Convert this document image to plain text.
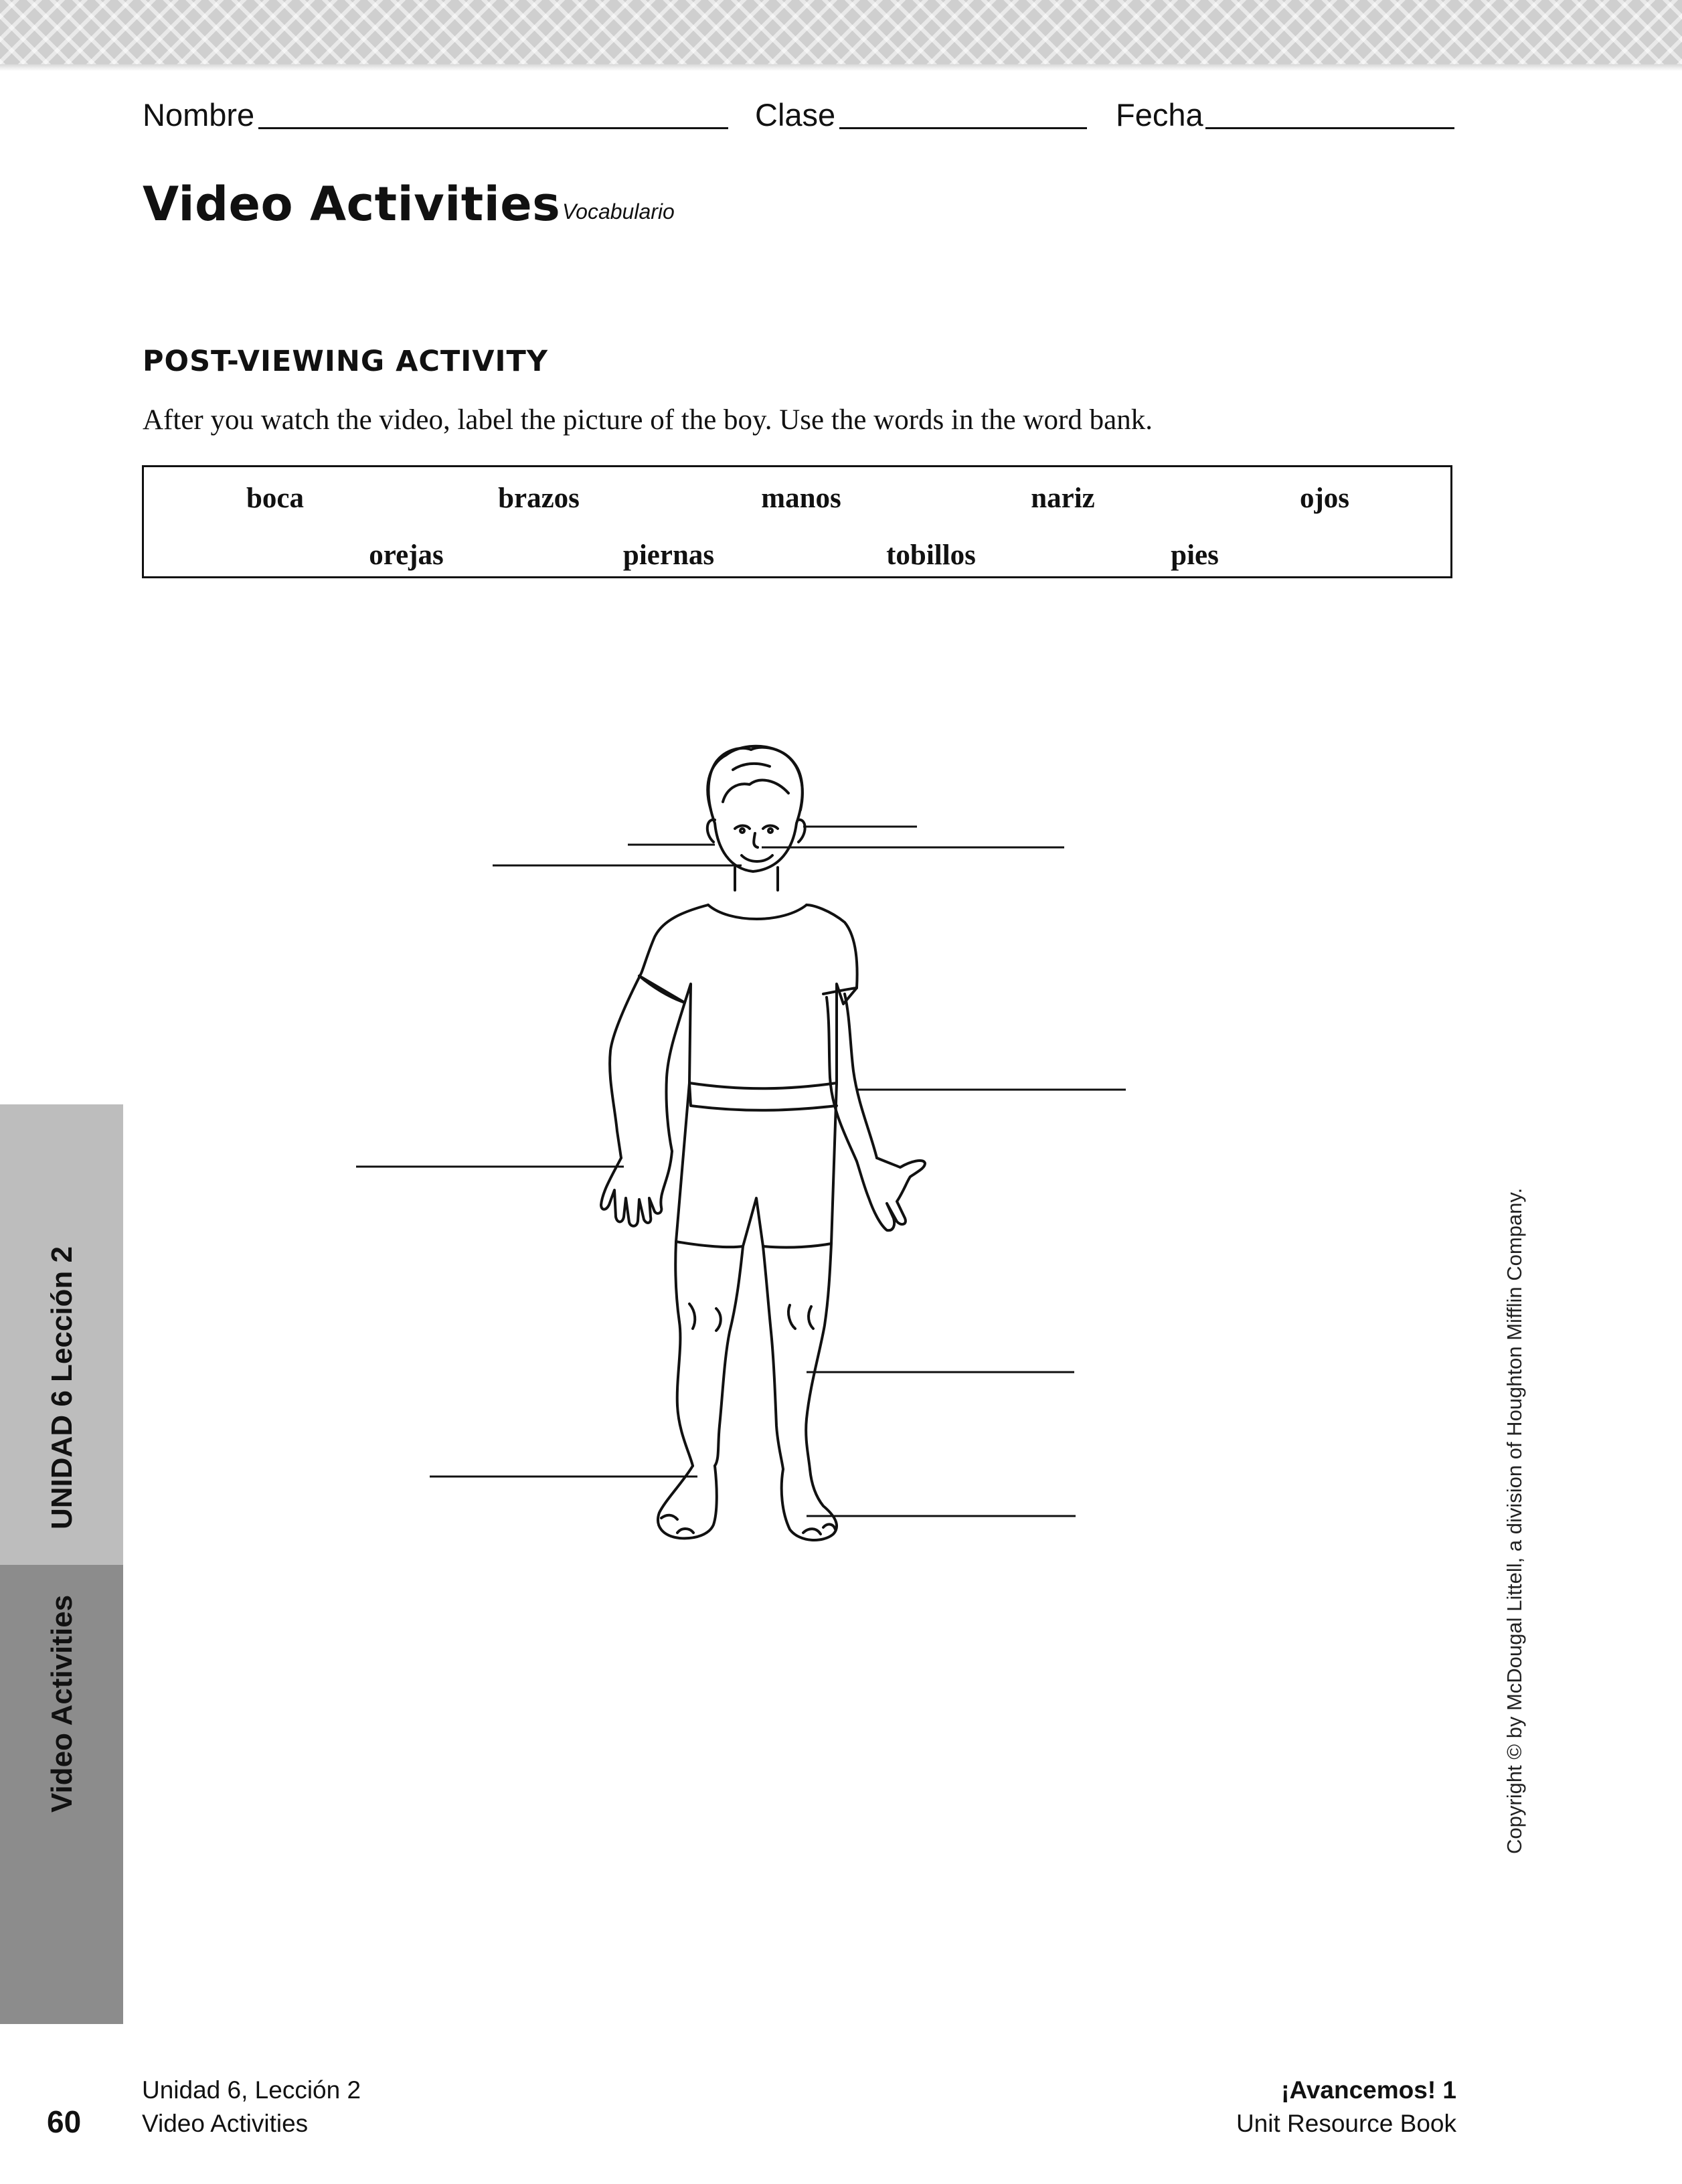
Nombre	Clase	Fecha
Video Activities Vocabulario
POST-VIEWING ACTIVITY
After you watch the video, label the picture of the boy. Use the words in the word bank.
boca	brazos	manos	nariz	ojos
orejas	piernas	tobillos	pies
UNIDAD 6 Lección 2
Video Activities	Copyright © by McDougal Littell, a division of Houghton Mifflin Company.
60
Unidad 6, Lección 2
Video Activities
¡Avancemos! 1
Unit Resource Book
